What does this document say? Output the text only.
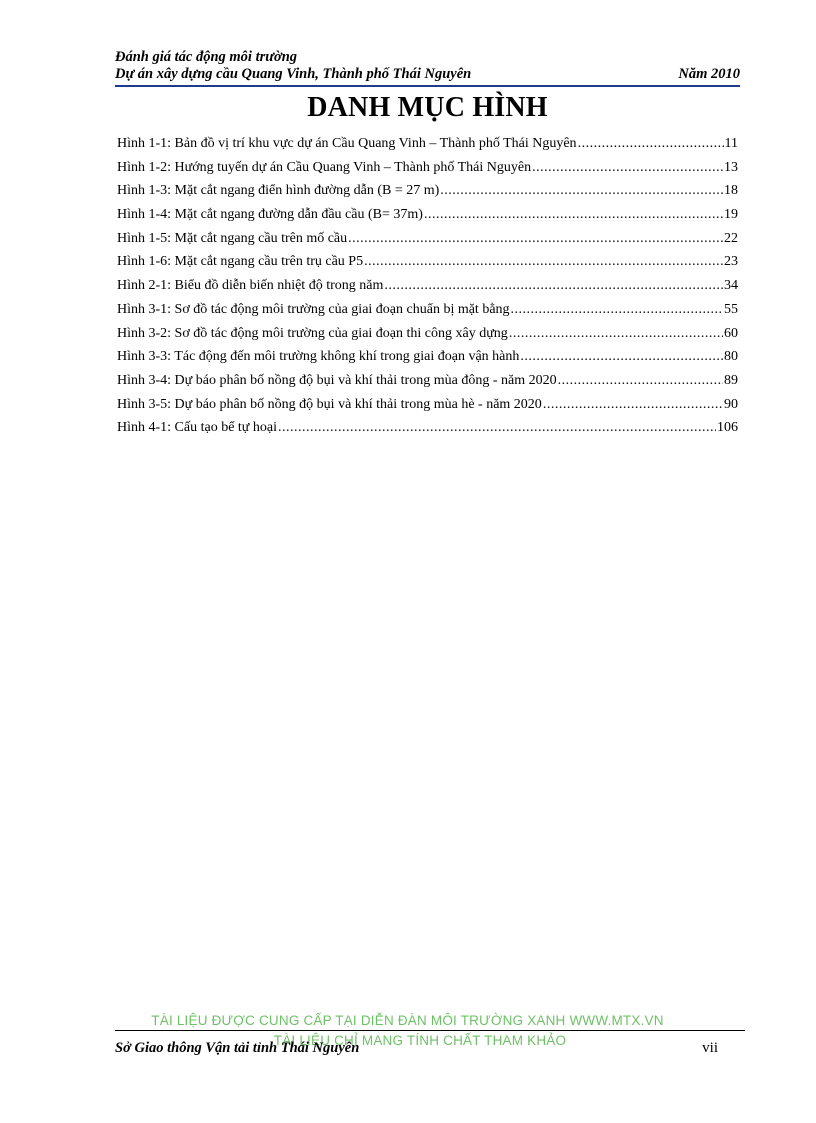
Đánh giá tác động môi trường
Dự án xây dựng cầu Quang Vinh, Thành phố Thái Nguyên	Năm 2010
DANH MỤC HÌNH
Hình 1-1: Bản đồ vị trí khu vực dự án Cầu Quang Vinh – Thành phố Thái Nguyên .....	11
Hình 1-2: Hướng tuyến dự án Cầu Quang Vinh – Thành phố Thái Nguyên .....	13
Hình 1-3: Mặt cắt ngang điển hình đường dẫn (B = 27 m) .....	18
Hình 1-4: Mặt cắt ngang đường dẫn đầu cầu (B= 37m) .....	19
Hình 1-5: Mặt cắt ngang cầu trên mố cầu .....	22
Hình 1-6: Mặt cắt ngang cầu trên trụ cầu P5 .....	23
Hình 2-1: Biểu đồ diễn biến nhiệt độ trong năm .....	34
Hình 3-1: Sơ đồ tác động môi trường của giai đoạn chuẩn bị mặt bằng .....	55
Hình 3-2: Sơ đồ tác động môi trường của giai đoạn thi công xây dựng .....	60
Hình 3-3: Tác động đến môi trường không khí trong giai đoạn vận hành .....	80
Hình 3-4: Dự báo phân bố nồng độ bụi và khí thải trong mùa đông - năm 2020 .....	89
Hình 3-5: Dự báo phân bố nồng độ bụi và khí thải trong mùa hè - năm 2020 .....	90
Hình 4-1: Cấu tạo bể tự hoại .....	106
TÀI LIỆU ĐƯỢC CUNG CẤP TẠI DIỄN ĐÀN MÔI TRƯỜNG XANH WWW.MTX.VN
TÀI LIỆU CHỈ MANG TÍNH CHẤT THAM KHẢO
Sở Giao thông Vận tải tỉnh Thái Nguyên	vii
